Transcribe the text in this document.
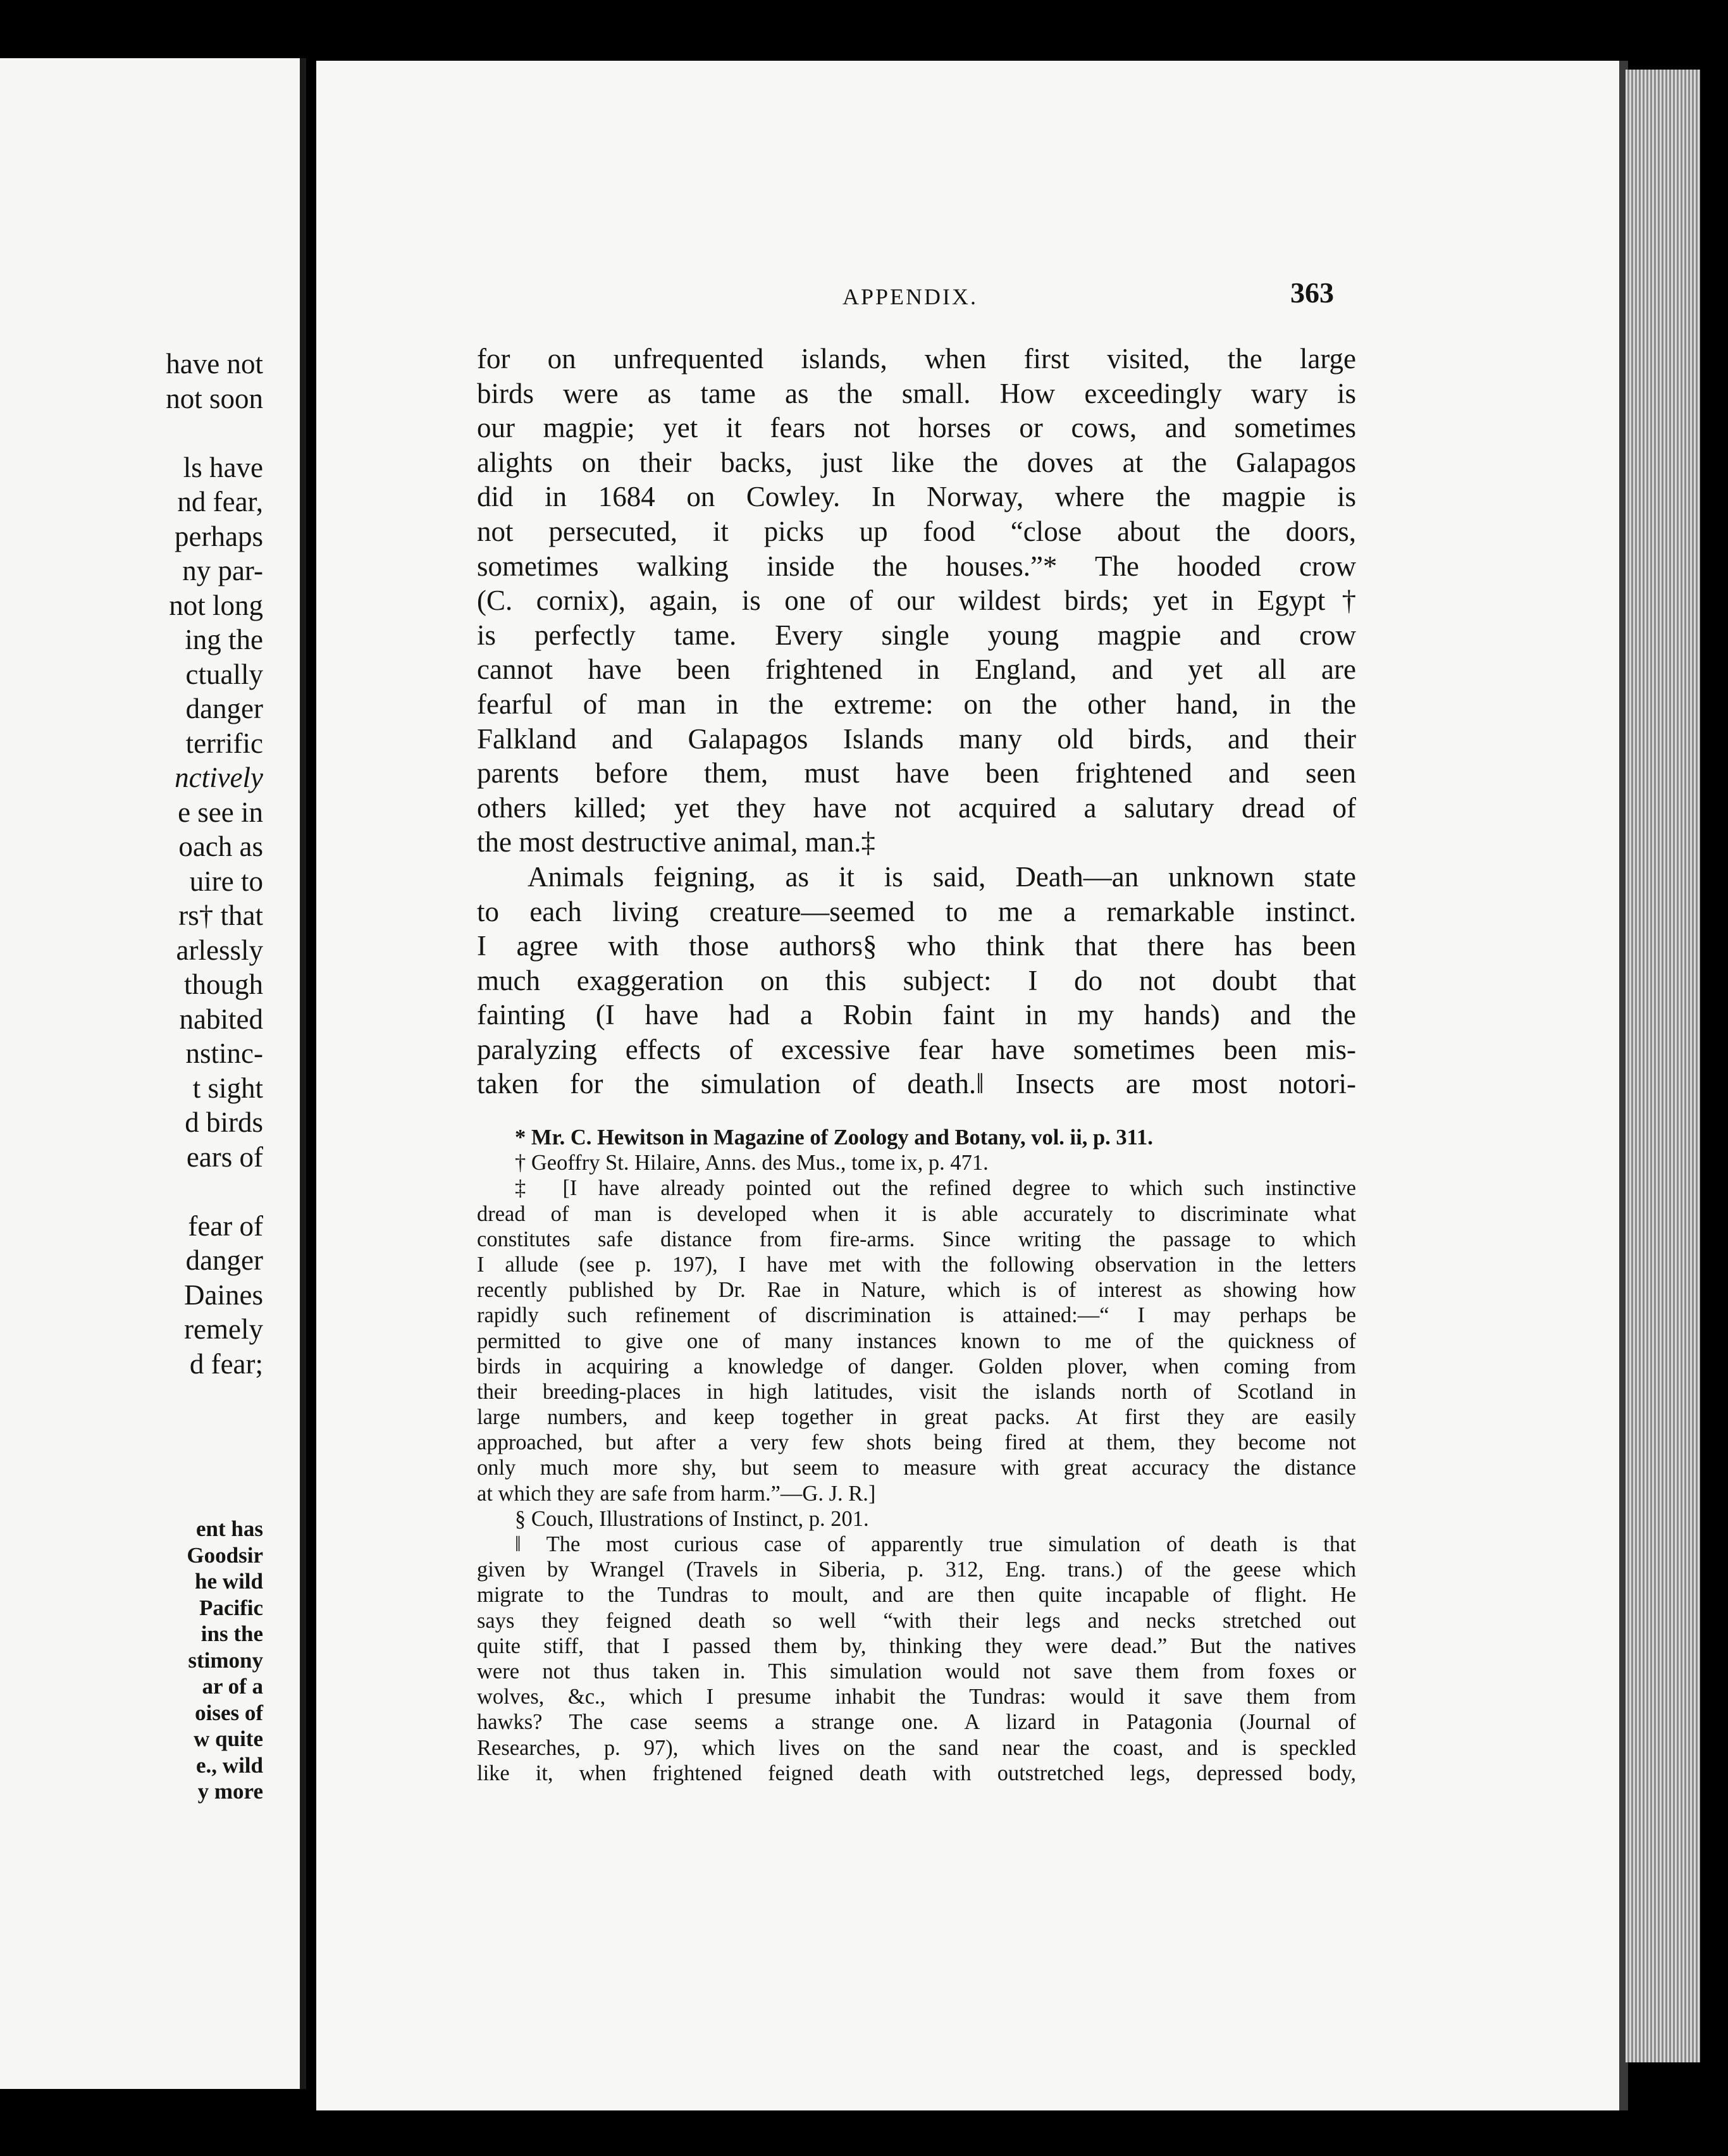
have not
not soon
ls have
nd fear,
perhaps
ny par-
not long
ing the
ctually
danger
terrific
nctively
e see in
oach as
uire to
rs† that
arlessly
though
nabited
nstinc-
t sight
d birds
ears of
fear of
danger
Daines
remely
d fear;
ent has
Goodsir
he wild
Pacific
ins the
stimony
ar of a
oises of
w quite
e., wild
y more
APPENDIX.	363
for on unfrequented islands, when first visited, the large
birds were as tame as the small. How exceedingly wary is
our magpie; yet it fears not horses or cows, and sometimes
alights on their backs, just like the doves at the Galapagos
did in 1684 on Cowley. In Norway, where the magpie is
not persecuted, it picks up food “close about the doors,
sometimes walking inside the houses.”* The hooded crow
(C. cornix), again, is one of our wildest birds; yet in Egypt†
is perfectly tame. Every single young magpie and crow
cannot have been frightened in England, and yet all are
fearful of man in the extreme: on the other hand, in the
Falkland and Galapagos Islands many old birds, and their
parents before them, must have been frightened and seen
others killed; yet they have not acquired a salutary dread of
the most destructive animal, man.‡
Animals feigning, as it is said, Death—an unknown state
to each living creature—seemed to me a remarkable instinct.
I agree with those authors§ who think that there has been
much exaggeration on this subject: I do not doubt that
fainting (I have had a Robin faint in my hands) and the
paralyzing effects of excessive fear have sometimes been mis-
taken for the simulation of death.‖ Insects are most notori-
* Mr. C. Hewitson in Magazine of Zoology and Botany, vol. ii, p. 311.
† Geoffry St. Hilaire, Anns. des Mus., tome ix, p. 471.
‡ [I have already pointed out the refined degree to which such instinctive
dread of man is developed when it is able accurately to discriminate what
constitutes safe distance from fire-arms. Since writing the passage to which
I allude (see p. 197), I have met with the following observation in the letters
recently published by Dr. Rae in Nature, which is of interest as showing how
rapidly such refinement of discrimination is attained:—“ I may perhaps be
permitted to give one of many instances known to me of the quickness of
birds in acquiring a knowledge of danger. Golden plover, when coming from
their breeding-places in high latitudes, visit the islands north of Scotland in
large numbers, and keep together in great packs. At first they are easily
approached, but after a very few shots being fired at them, they become not
only much more shy, but seem to measure with great accuracy the distance
at which they are safe from harm.”—G. J. R.]
§ Couch, Illustrations of Instinct, p. 201.
‖ The most curious case of apparently true simulation of death is that
given by Wrangel (Travels in Siberia, p. 312, Eng. trans.) of the geese which
migrate to the Tundras to moult, and are then quite incapable of flight. He
says they feigned death so well “with their legs and necks stretched out
quite stiff, that I passed them by, thinking they were dead.” But the natives
were not thus taken in. This simulation would not save them from foxes or
wolves, &c., which I presume inhabit the Tundras: would it save them from
hawks? The case seems a strange one. A lizard in Patagonia (Journal of
Researches, p. 97), which lives on the sand near the coast, and is speckled
like it, when frightened feigned death with outstretched legs, depressed body,
